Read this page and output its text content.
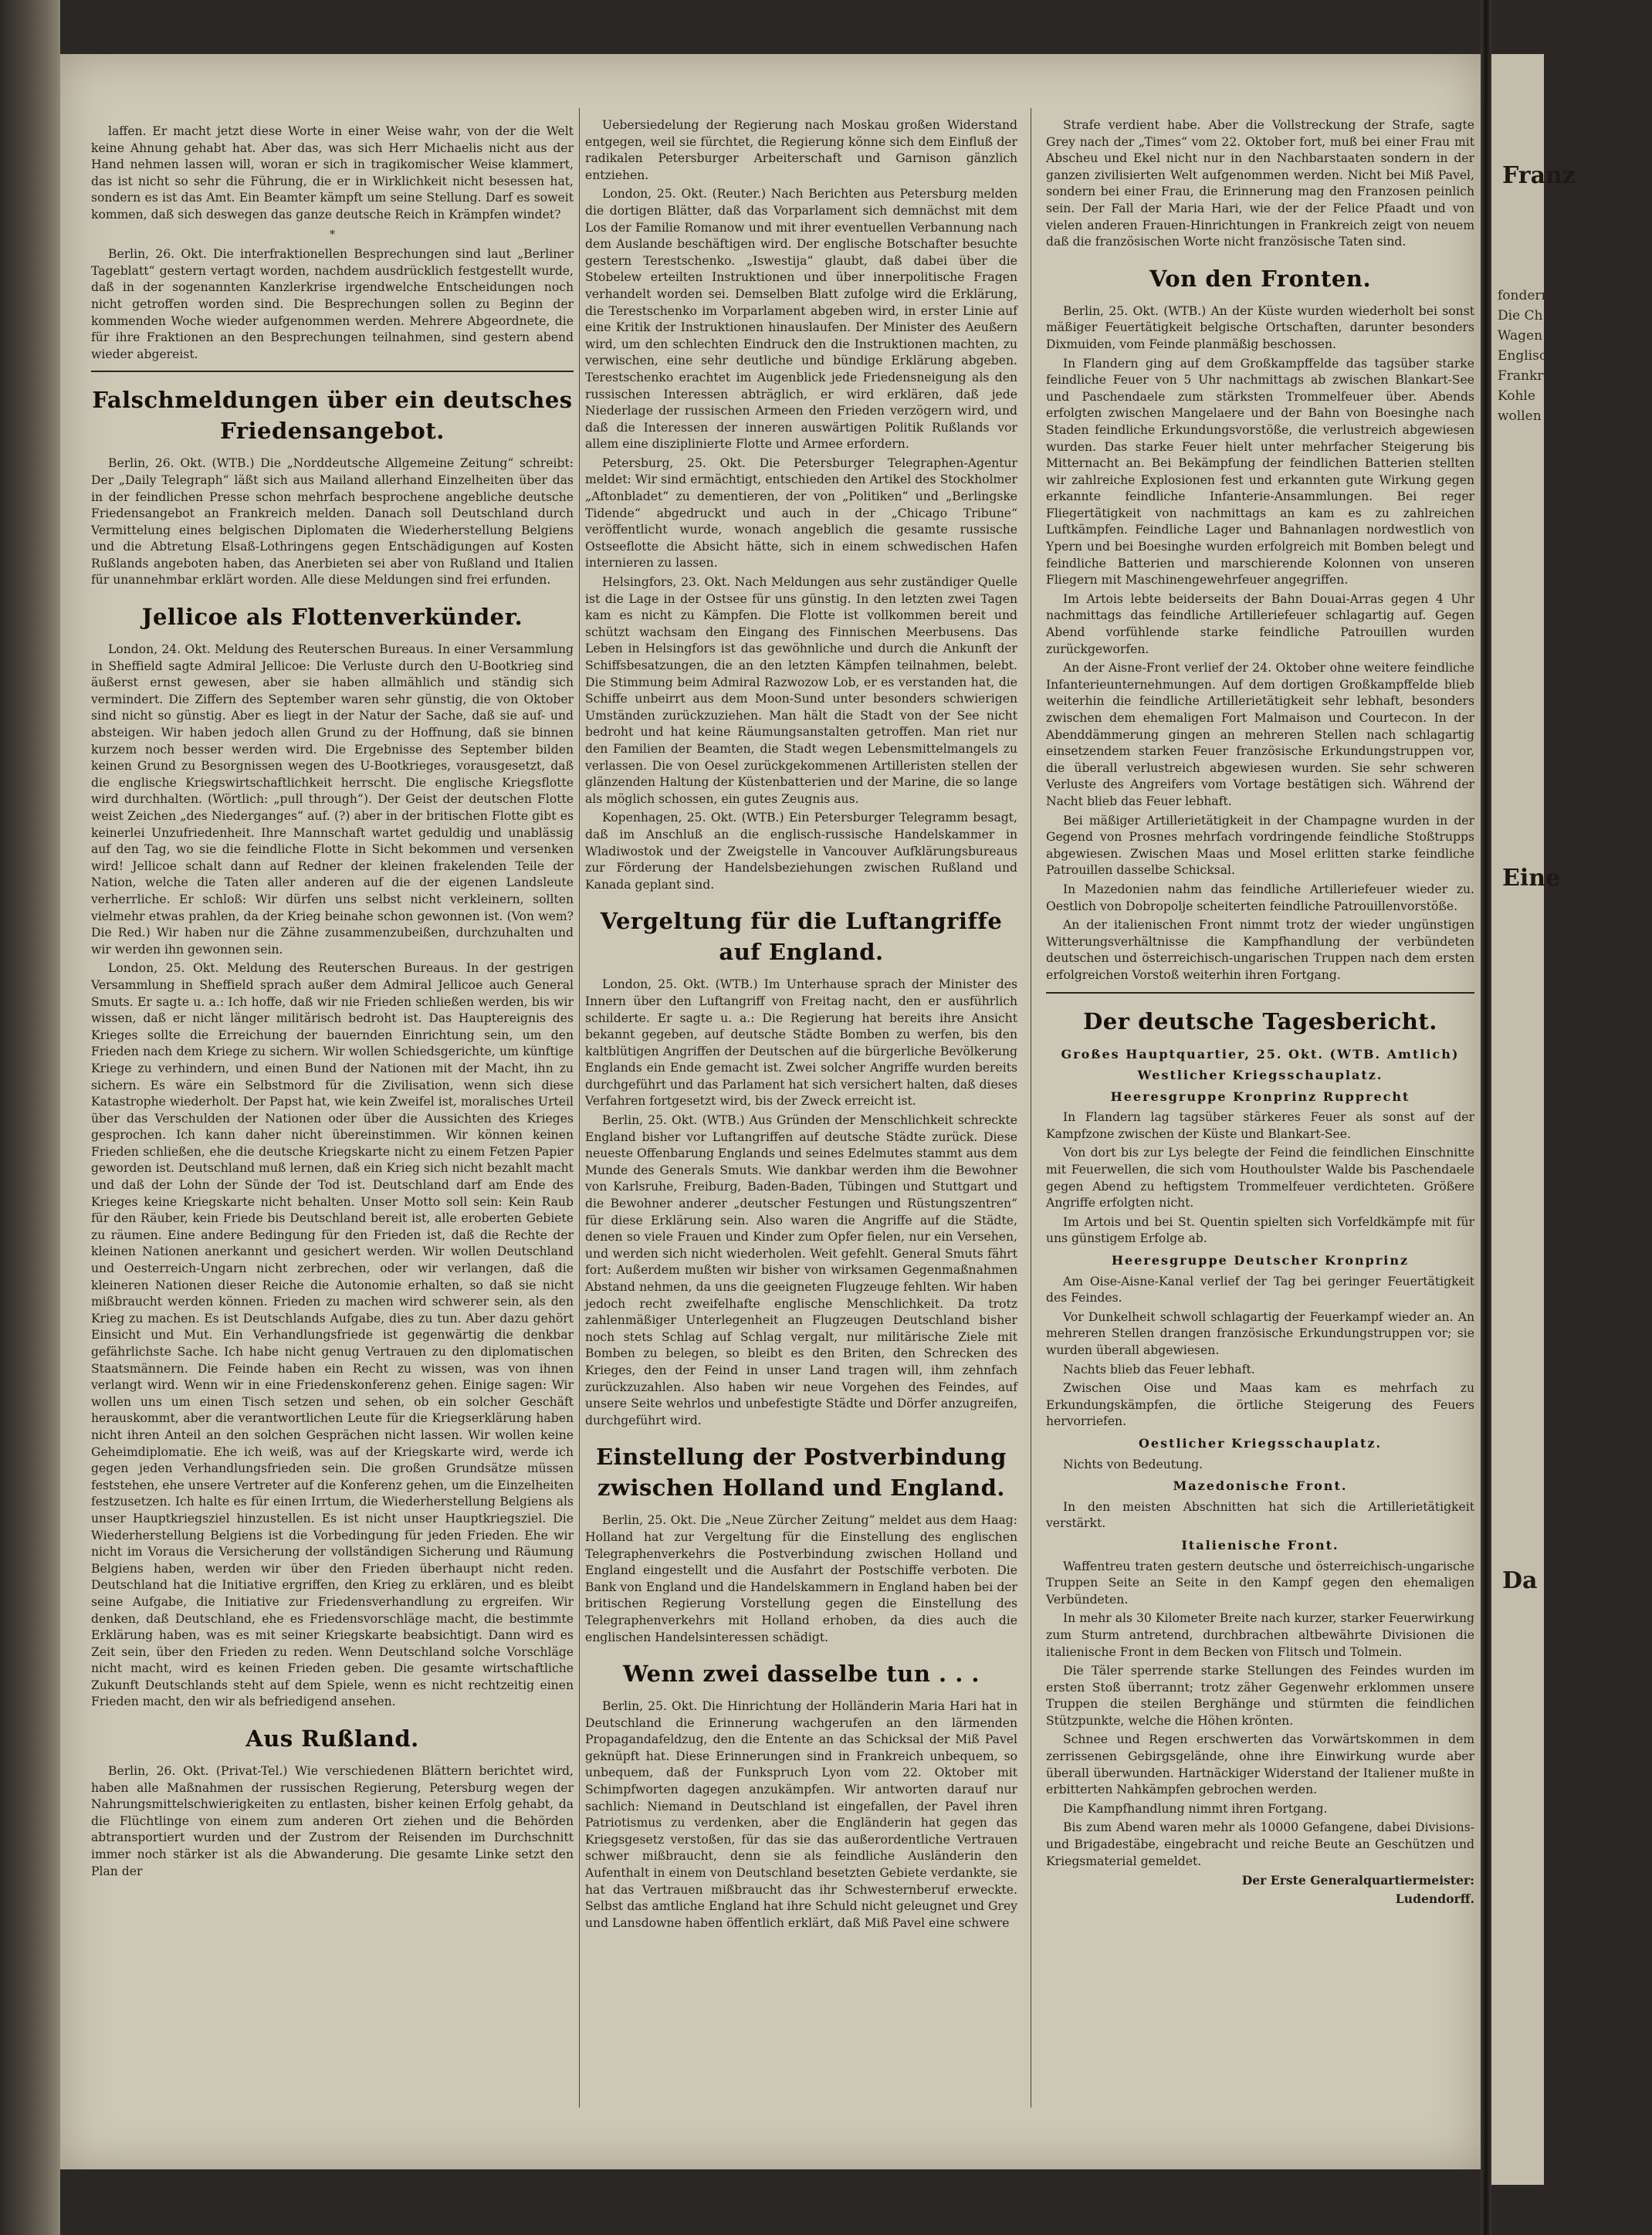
Franz
fondern
Die Ch
Wagen
Englisch
Frankr
Kohle
wollen
Eine
Da

laffen. Er macht jetzt diese Worte in einer Weise wahr, von der die Welt keine Ahnung gehabt hat. Aber das, was sich Herr Michaelis nicht aus der Hand nehmen lassen will, woran er sich in tragikomischer Weise klammert, das ist nicht so sehr die Führung, die er in Wirklichkeit nicht besessen hat, sondern es ist das Amt. Ein Beamter kämpft um seine Stellung. Darf es soweit kommen, daß sich deswegen das ganze deutsche Reich in Krämpfen windet?

*

Berlin, 26. Okt. Die interfraktionellen Besprechungen sind laut „Berliner Tageblatt“ gestern vertagt worden, nachdem ausdrücklich festgestellt wurde, daß in der sogenannten Kanzlerkrise irgendwelche Entscheidungen noch nicht getroffen worden sind. Die Besprechungen sollen zu Beginn der kommenden Woche wieder aufgenommen werden. Mehrere Abgeordnete, die für ihre Fraktionen an den Besprechungen teilnahmen, sind gestern abend wieder abgereist.

Falschmeldungen über ein deutsches Friedensangebot.

Berlin, 26. Okt. (WTB.) Die „Norddeutsche Allgemeine Zeitung“ schreibt: Der „Daily Telegraph“ läßt sich aus Mailand allerhand Einzelheiten über das in der feindlichen Presse schon mehrfach besprochene angebliche deutsche Friedensangebot an Frankreich melden. Danach soll Deutschland durch Vermittelung eines belgischen Diplomaten die Wiederherstellung Belgiens und die Abtretung Elsaß-Lothringens gegen Entschädigungen auf Kosten Rußlands angeboten haben, das Anerbieten sei aber von Rußland und Italien für unannehmbar erklärt worden. Alle diese Meldungen sind frei erfunden.

Jellicoe als Flottenverkünder.

London, 24. Okt. Meldung des Reuterschen Bureaus. In einer Versammlung in Sheffield sagte Admiral Jellicoe: Die Verluste durch den U-Bootkrieg sind äußerst ernst gewesen, aber sie haben allmählich und ständig sich vermindert. Die Ziffern des September waren sehr günstig, die von Oktober sind nicht so günstig. Aber es liegt in der Natur der Sache, daß sie auf- und absteigen. Wir haben jedoch allen Grund zu der Hoffnung, daß sie binnen kurzem noch besser werden wird. Die Ergebnisse des September bilden keinen Grund zu Besorgnissen wegen des U-Bootkrieges, vorausgesetzt, daß die englische Kriegswirtschaftlichkeit herrscht. Die englische Kriegsflotte wird durchhalten. (Wörtlich: „pull through“). Der Geist der deutschen Flotte weist Zeichen „des Niederganges“ auf. (?) aber in der britischen Flotte gibt es keinerlei Unzufriedenheit. Ihre Mannschaft wartet geduldig und unablässig auf den Tag, wo sie die feindliche Flotte in Sicht bekommen und versenken wird! Jellicoe schalt dann auf Redner der kleinen frakelenden Teile der Nation, welche die Taten aller anderen auf die der eigenen Landsleute verherrliche. Er schloß: Wir dürfen uns selbst nicht verkleinern, sollten vielmehr etwas prahlen, da der Krieg beinahe schon gewonnen ist. (Von wem? Die Red.) Wir haben nur die Zähne zusammenzubeißen, durchzuhalten und wir werden ihn gewonnen sein.

London, 25. Okt. Meldung des Reuterschen Bureaus. In der gestrigen Versammlung in Sheffield sprach außer dem Admiral Jellicoe auch General Smuts. Er sagte u. a.: Ich hoffe, daß wir nie Frieden schließen werden, bis wir wissen, daß er nicht länger militärisch bedroht ist. Das Hauptereignis des Krieges sollte die Erreichung der bauernden Einrichtung sein, um den Frieden nach dem Kriege zu sichern. Wir wollen Schiedsgerichte, um künftige Kriege zu verhindern, und einen Bund der Nationen mit der Macht, ihn zu sichern. Es wäre ein Selbstmord für die Zivilisation, wenn sich diese Katastrophe wiederholt. Der Papst hat, wie kein Zweifel ist, moralisches Urteil über das Verschulden der Nationen oder über die Aussichten des Krieges gesprochen. Ich kann daher nicht übereinstimmen. Wir können keinen Frieden schließen, ehe die deutsche Kriegskarte nicht zu einem Fetzen Papier geworden ist. Deutschland muß lernen, daß ein Krieg sich nicht bezahlt macht und daß der Lohn der Sünde der Tod ist. Deutschland darf am Ende des Krieges keine Kriegskarte nicht behalten. Unser Motto soll sein: Kein Raub für den Räuber, kein Friede bis Deutschland bereit ist, alle eroberten Gebiete zu räumen. Eine andere Bedingung für den Frieden ist, daß die Rechte der kleinen Nationen anerkannt und gesichert werden. Wir wollen Deutschland und Oesterreich-Ungarn nicht zerbrechen, oder wir verlangen, daß die kleineren Nationen dieser Reiche die Autonomie erhalten, so daß sie nicht mißbraucht werden können. Frieden zu machen wird schwerer sein, als den Krieg zu machen. Es ist Deutschlands Aufgabe, dies zu tun. Aber dazu gehört Einsicht und Mut. Ein Verhandlungsfriede ist gegenwärtig die denkbar gefährlichste Sache. Ich habe nicht genug Vertrauen zu den diplomatischen Staatsmännern. Die Feinde haben ein Recht zu wissen, was von ihnen verlangt wird. Wenn wir in eine Friedenskonferenz gehen. Einige sagen: Wir wollen uns um einen Tisch setzen und sehen, ob ein solcher Geschäft herauskommt, aber die verantwortlichen Leute für die Kriegserklärung haben nicht ihren Anteil an den solchen Gesprächen nicht lassen. Wir wollen keine Geheimdiplomatie. Ehe ich weiß, was auf der Kriegskarte wird, werde ich gegen jeden Verhandlungsfrieden sein. Die großen Grundsätze müssen feststehen, ehe unsere Vertreter auf die Konferenz gehen, um die Einzelheiten festzusetzen. Ich halte es für einen Irrtum, die Wiederherstellung Belgiens als unser Hauptkriegsziel hinzustellen. Es ist nicht unser Hauptkriegsziel. Die Wiederherstellung Belgiens ist die Vorbedingung für jeden Frieden. Ehe wir nicht im Voraus die Versicherung der vollständigen Sicherung und Räumung Belgiens haben, werden wir über den Frieden überhaupt nicht reden. Deutschland hat die Initiative ergriffen, den Krieg zu erklären, und es bleibt seine Aufgabe, die Initiative zur Friedensverhandlung zu ergreifen. Wir denken, daß Deutschland, ehe es Friedensvorschläge macht, die bestimmte Erklärung haben, was es mit seiner Kriegskarte beabsichtigt. Dann wird es Zeit sein, über den Frieden zu reden. Wenn Deutschland solche Vorschläge nicht macht, wird es keinen Frieden geben. Die gesamte wirtschaftliche Zukunft Deutschlands steht auf dem Spiele, wenn es nicht rechtzeitig einen Frieden macht, den wir als befriedigend ansehen.

Aus Rußland.

Berlin, 26. Okt. (Privat-Tel.) Wie verschiedenen Blättern berichtet wird, haben alle Maßnahmen der russischen Regierung, Petersburg wegen der Nahrungsmittelschwierigkeiten zu entlasten, bisher keinen Erfolg gehabt, da die Flüchtlinge von einem zum anderen Ort ziehen und die Behörden abtransportiert wurden und der Zustrom der Reisenden im Durchschnitt immer noch stärker ist als die Abwanderung. Die gesamte Linke setzt den Plan der

Uebersiedelung der Regierung nach Moskau großen Widerstand entgegen, weil sie fürchtet, die Regierung könne sich dem Einfluß der radikalen Petersburger Arbeiterschaft und Garnison gänzlich entziehen.

London, 25. Okt. (Reuter.) Nach Berichten aus Petersburg melden die dortigen Blätter, daß das Vorparlament sich demnächst mit dem Los der Familie Romanow und mit ihrer eventuellen Verbannung nach dem Auslande beschäftigen wird. Der englische Botschafter besuchte gestern Terestschenko. „Iswestija“ glaubt, daß dabei über die Stobelew erteilten Instruktionen und über innerpolitische Fragen verhandelt worden sei. Demselben Blatt zufolge wird die Erklärung, die Terestschenko im Vorparlament abgeben wird, in erster Linie auf eine Kritik der Instruktionen hinauslaufen. Der Minister des Aeußern wird, um den schlechten Eindruck den die Instruktionen machten, zu verwischen, eine sehr deutliche und bündige Erklärung abgeben. Terestschenko erachtet im Augenblick jede Friedensneigung als den russischen Interessen abträglich, er wird erklären, daß jede Niederlage der russischen Armeen den Frieden verzögern wird, und daß die Interessen der inneren auswärtigen Politik Rußlands vor allem eine disziplinierte Flotte und Armee erfordern.

Petersburg, 25. Okt. Die Petersburger Telegraphen-Agentur meldet: Wir sind ermächtigt, entschieden den Artikel des Stockholmer „Aftonbladet“ zu dementieren, der von „Politiken“ und „Berlingske Tidende“ abgedruckt und auch in der „Chicago Tribune“ veröffentlicht wurde, wonach angeblich die gesamte russische Ostseeflotte die Absicht hätte, sich in einem schwedischen Hafen internieren zu lassen.

Helsingfors, 23. Okt. Nach Meldungen aus sehr zuständiger Quelle ist die Lage in der Ostsee für uns günstig. In den letzten zwei Tagen kam es nicht zu Kämpfen. Die Flotte ist vollkommen bereit und schützt wachsam den Eingang des Finnischen Meerbusens. Das Leben in Helsingfors ist das gewöhnliche und durch die Ankunft der Schiffsbesatzungen, die an den letzten Kämpfen teilnahmen, belebt. Die Stimmung beim Admiral Razwozow Lob, er es verstanden hat, die Schiffe unbeirrt aus dem Moon-Sund unter besonders schwierigen Umständen zurückzuziehen. Man hält die Stadt von der See nicht bedroht und hat keine Räumungsanstalten getroffen. Man riet nur den Familien der Beamten, die Stadt wegen Lebensmittelmangels zu verlassen. Die von Oesel zurückgekommenen Artilleristen stellen der glänzenden Haltung der Küstenbatterien und der Marine, die so lange als möglich schossen, ein gutes Zeugnis aus.

Kopenhagen, 25. Okt. (WTB.) Ein Petersburger Telegramm besagt, daß im Anschluß an die englisch-russische Handelskammer in Wladiwostok und der Zweigstelle in Vancouver Aufklärungsbureaus zur Förderung der Handelsbeziehungen zwischen Rußland und Kanada geplant sind.

Vergeltung für die Luftangriffe auf England.

London, 25. Okt. (WTB.) Im Unterhause sprach der Minister des Innern über den Luftangriff von Freitag nacht, den er ausführlich schilderte. Er sagte u. a.: Die Regierung hat bereits ihre Ansicht bekannt gegeben, auf deutsche Städte Bomben zu werfen, bis den kaltblütigen Angriffen der Deutschen auf die bürgerliche Bevölkerung Englands ein Ende gemacht ist. Zwei solcher Angriffe wurden bereits durchgeführt und das Parlament hat sich versichert halten, daß dieses Verfahren fortgesetzt wird, bis der Zweck erreicht ist.

Berlin, 25. Okt. (WTB.) Aus Gründen der Menschlichkeit schreckte England bisher vor Luftangriffen auf deutsche Städte zurück. Diese neueste Offenbarung Englands und seines Edelmutes stammt aus dem Munde des Generals Smuts. Wie dankbar werden ihm die Bewohner von Karlsruhe, Freiburg, Baden-Baden, Tübingen und Stuttgart und die Bewohner anderer „deutscher Festungen und Rüstungszentren“ für diese Erklärung sein. Also waren die Angriffe auf die Städte, denen so viele Frauen und Kinder zum Opfer fielen, nur ein Versehen, und werden sich nicht wiederholen. Weit gefehlt. General Smuts fährt fort: Außerdem mußten wir bisher von wirksamen Gegenmaßnahmen Abstand nehmen, da uns die geeigneten Flugzeuge fehlten. Wir haben jedoch recht zweifelhafte englische Menschlichkeit. Da trotz zahlenmäßiger Unterlegenheit an Flugzeugen Deutschland bisher noch stets Schlag auf Schlag vergalt, nur militärische Ziele mit Bomben zu belegen, so bleibt es den Briten, den Schrecken des Krieges, den der Feind in unser Land tragen will, ihm zehnfach zurückzuzahlen. Also haben wir neue Vorgehen des Feindes, auf unsere Seite wehrlos und unbefestigte Städte und Dörfer anzugreifen, durchgeführt wird.

Einstellung der Postverbindung zwischen Holland und England.

Berlin, 25. Okt. Die „Neue Zürcher Zeitung“ meldet aus dem Haag: Holland hat zur Vergeltung für die Einstellung des englischen Telegraphenverkehrs die Postverbindung zwischen Holland und England eingestellt und die Ausfahrt der Postschiffe verboten. Die Bank von England und die Handelskammern in England haben bei der britischen Regierung Vorstellung gegen die Einstellung des Telegraphenverkehrs mit Holland erhoben, da dies auch die englischen Handelsinteressen schädigt.

Wenn zwei dasselbe tun . . .

Berlin, 25. Okt. Die Hinrichtung der Holländerin Maria Hari hat in Deutschland die Erinnerung wachgerufen an den lärmenden Propagandafeldzug, den die Entente an das Schicksal der Miß Pavel geknüpft hat. Diese Erinnerungen sind in Frankreich unbequem, so unbequem, daß der Funkspruch Lyon vom 22. Oktober mit Schimpfworten dagegen anzukämpfen. Wir antworten darauf nur sachlich: Niemand in Deutschland ist eingefallen, der Pavel ihren Patriotismus zu verdenken, aber die Engländerin hat gegen das Kriegsgesetz verstoßen, für das sie das außerordentliche Vertrauen schwer mißbraucht, denn sie als feindliche Ausländerin den Aufenthalt in einem von Deutschland besetzten Gebiete verdankte, sie hat das Vertrauen mißbraucht das ihr Schwesternberuf erweckte. Selbst das amtliche England hat ihre Schuld nicht geleugnet und Grey und Lansdowne haben öffentlich erklärt, daß Miß Pavel eine schwere

Strafe verdient habe. Aber die Vollstreckung der Strafe, sagte Grey nach der „Times“ vom 22. Oktober fort, muß bei einer Frau mit Abscheu und Ekel nicht nur in den Nachbarstaaten sondern in der ganzen zivilisierten Welt aufgenommen werden. Nicht bei Miß Pavel, sondern bei einer Frau, die Erinnerung mag den Franzosen peinlich sein. Der Fall der Maria Hari, wie der der Felice Pfaadt und von vielen anderen Frauen-Hinrichtungen in Frankreich zeigt von neuem daß die französischen Worte nicht französische Taten sind.

Von den Fronten.

Berlin, 25. Okt. (WTB.) An der Küste wurden wiederholt bei sonst mäßiger Feuertätigkeit belgische Ortschaften, darunter besonders Dixmuiden, vom Feinde planmäßig beschossen.

In Flandern ging auf dem Großkampffelde das tagsüber starke feindliche Feuer von 5 Uhr nachmittags ab zwischen Blankart-See und Paschendaele zum stärksten Trommelfeuer über. Abends erfolgten zwischen Mangelaere und der Bahn von Boesinghe nach Staden feindliche Erkundungsvorstöße, die verlustreich abgewiesen wurden. Das starke Feuer hielt unter mehrfacher Steigerung bis Mitternacht an. Bei Bekämpfung der feindlichen Batterien stellten wir zahlreiche Explosionen fest und erkannten gute Wirkung gegen erkannte feindliche Infanterie-Ansammlungen. Bei reger Fliegertätigkeit von nachmittags an kam es zu zahlreichen Luftkämpfen. Feindliche Lager und Bahnanlagen nordwestlich von Ypern und bei Boesinghe wurden erfolgreich mit Bomben belegt und feindliche Batterien und marschierende Kolonnen von unseren Fliegern mit Maschinengewehrfeuer angegriffen.

Im Artois lebte beiderseits der Bahn Douai-Arras gegen 4 Uhr nachmittags das feindliche Artilleriefeuer schlagartig auf. Gegen Abend vorfühlende starke feindliche Patrouillen wurden zurückgeworfen.

An der Aisne-Front verlief der 24. Oktober ohne weitere feindliche Infanterieunternehmungen. Auf dem dortigen Großkampffelde blieb weiterhin die feindliche Artillerietätigkeit sehr lebhaft, besonders zwischen dem ehemaligen Fort Malmaison und Courtecon. In der Abenddämmerung gingen an mehreren Stellen nach schlagartig einsetzendem starken Feuer französische Erkundungstruppen vor, die überall verlustreich abgewiesen wurden. Sie sehr schweren Verluste des Angreifers vom Vortage bestätigen sich. Während der Nacht blieb das Feuer lebhaft.

Bei mäßiger Artillerietätigkeit in der Champagne wurden in der Gegend von Prosnes mehrfach vordringende feindliche Stoßtrupps abgewiesen. Zwischen Maas und Mosel erlitten starke feindliche Patrouillen dasselbe Schicksal.

In Mazedonien nahm das feindliche Artilleriefeuer wieder zu. Oestlich von Dobropolje scheiterten feindliche Patrouillenvorstöße.

An der italienischen Front nimmt trotz der wieder ungünstigen Witterungsverhältnisse die Kampfhandlung der verbündeten deutschen und österreichisch-ungarischen Truppen nach dem ersten erfolgreichen Vorstoß weiterhin ihren Fortgang.

Der deutsche Tagesbericht.
Großes Hauptquartier, 25. Okt. (WTB. Amtlich)
Westlicher Kriegsschauplatz.
Heeresgruppe Kronprinz Rupprecht

In Flandern lag tagsüber stärkeres Feuer als sonst auf der Kampfzone zwischen der Küste und Blankart-See.

Von dort bis zur Lys belegte der Feind die feindlichen Einschnitte mit Feuerwellen, die sich vom Houthoulster Walde bis Paschendaele gegen Abend zu heftigstem Trommelfeuer verdichteten. Größere Angriffe erfolgten nicht.

Im Artois und bei St. Quentin spielten sich Vorfeldkämpfe mit für uns günstigem Erfolge ab.

Heeresgruppe Deutscher Kronprinz

Am Oise-Aisne-Kanal verlief der Tag bei geringer Feuertätigkeit des Feindes.

Vor Dunkelheit schwoll schlagartig der Feuerkampf wieder an. An mehreren Stellen drangen französische Erkundungstruppen vor; sie wurden überall abgewiesen.

Nachts blieb das Feuer lebhaft.

Zwischen Oise und Maas kam es mehrfach zu Erkundungskämpfen, die örtliche Steigerung des Feuers hervorriefen.

Oestlicher Kriegsschauplatz.

Nichts von Bedeutung.

Mazedonische Front.

In den meisten Abschnitten hat sich die Artillerietätigkeit verstärkt.

Italienische Front.

Waffentreu traten gestern deutsche und österreichisch-ungarische Truppen Seite an Seite in den Kampf gegen den ehemaligen Verbündeten.

In mehr als 30 Kilometer Breite nach kurzer, starker Feuerwirkung zum Sturm antretend, durchbrachen altbewährte Divisionen die italienische Front in dem Becken von Flitsch und Tolmein.

Die Täler sperrende starke Stellungen des Feindes wurden im ersten Stoß überrannt; trotz zäher Gegenwehr erklommen unsere Truppen die steilen Berghänge und stürmten die feindlichen Stützpunkte, welche die Höhen krönten.

Schnee und Regen erschwerten das Vorwärtskommen in dem zerrissenen Gebirgsgelände, ohne ihre Einwirkung wurde aber überall überwunden. Hartnäckiger Widerstand der Italiener mußte in erbitterten Nahkämpfen gebrochen werden.

Die Kampfhandlung nimmt ihren Fortgang.

Bis zum Abend waren mehr als 10000 Gefangene, dabei Divisions- und Brigadestäbe, eingebracht und reiche Beute an Geschützen und Kriegsmaterial gemeldet.

Der Erste Generalquartiermeister:
Ludendorff.
